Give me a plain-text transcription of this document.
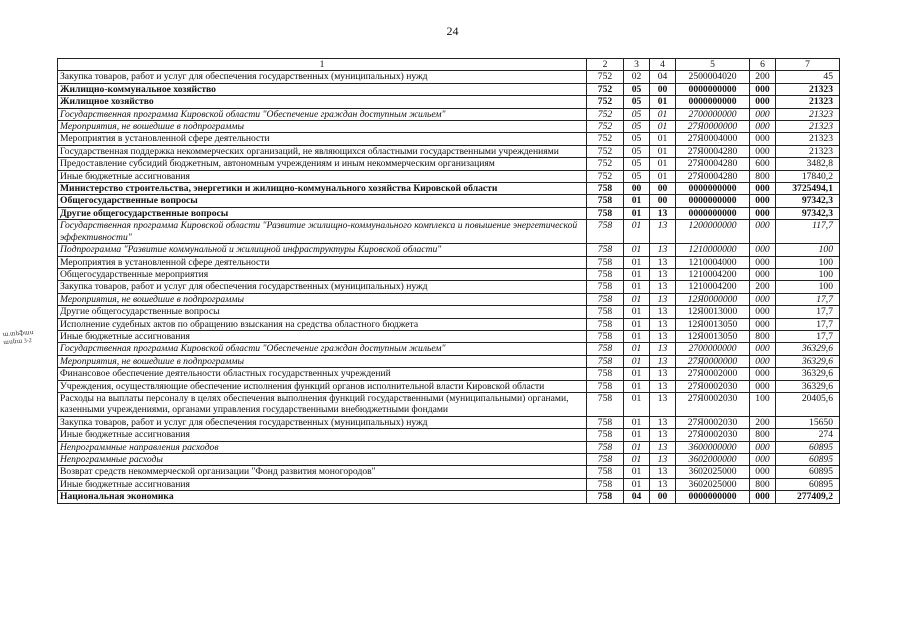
24
ա.տեֆաս
ասնա 3-2
1	2	3	4	5	6	7
Закупка товаров, работ и услуг для обеспечения государственных (муниципальных) нужд	752	02	04	2500004020	200	45
Жилищно-коммунальное хозяйство	752	05	00	0000000000	000	21323
Жилищное хозяйство	752	05	01	0000000000	000	21323
Государственная программа Кировской области "Обеспечение граждан доступным жильем"	752	05	01	2700000000	000	21323
Мероприятия, не вошедшие в подпрограммы	752	05	01	27Я0000000	000	21323
Мероприятия в установленной сфере деятельности	752	05	01	27Я0004000	000	21323
Государственная поддержка некоммерческих организаций, не являющихся областными государственными учреждениями	752	05	01	27Я0004280	000	21323
Предоставление субсидий бюджетным, автономным учреждениям и иным некоммерческим организациям	752	05	01	27Я0004280	600	3482,8
Иные бюджетные ассигнования	752	05	01	27Я0004280	800	17840,2
Министерство строительства, энергетики и жилищно-коммунального хозяйства Кировской области	758	00	00	0000000000	000	3725494,1
Общегосударственные вопросы	758	01	00	0000000000	000	97342,3
Другие общегосударственные вопросы	758	01	13	0000000000	000	97342,3
Государственная программа Кировской области "Развитие жилищно-коммунального комплекса и повышение энергетической эффективности"	758	01	13	1200000000	000	117,7
Подпрограмма "Развитие коммунальной и жилищной инфраструктуры Кировской области"	758	01	13	1210000000	000	100
Мероприятия в установленной сфере деятельности	758	01	13	1210004000	000	100
Общегосударственные мероприятия	758	01	13	1210004200	000	100
Закупка товаров, работ и услуг для обеспечения государственных (муниципальных) нужд	758	01	13	1210004200	200	100
Мероприятия, не вошедшие в подпрограммы	758	01	13	12Я0000000	000	17,7
Другие общегосударственные вопросы	758	01	13	12Я0013000	000	17,7
Исполнение судебных актов по обращению взыскания на средства областного бюджета	758	01	13	12Я0013050	000	17,7
Иные бюджетные ассигнования	758	01	13	12Я0013050	800	17,7
Государственная программа Кировской области "Обеспечение граждан доступным жильем"	758	01	13	2700000000	000	36329,6
Мероприятия, не вошедшие в подпрограммы	758	01	13	27Я0000000	000	36329,6
Финансовое обеспечение деятельности областных государственных учреждений	758	01	13	27Я0002000	000	36329,6
Учреждения, осуществляющие обеспечение исполнения функций органов исполнительной власти Кировской области	758	01	13	27Я0002030	000	36329,6
Расходы на выплаты персоналу в целях обеспечения выполнения функций государственными (муниципальными) органами, казенными учреждениями, органами управления государственными внебюджетными фондами	758	01	13	27Я0002030	100	20405,6
Закупка товаров, работ и услуг для обеспечения государственных (муниципальных) нужд	758	01	13	27Я0002030	200	15650
Иные бюджетные ассигнования	758	01	13	27Я0002030	800	274
Непрограммные направления расходов	758	01	13	3600000000	000	60895
Непрограммные расходы	758	01	13	3602000000	000	60895
Возврат средств некоммерческой организации "Фонд развития моногородов"	758	01	13	3602025000	000	60895
Иные бюджетные ассигнования	758	01	13	3602025000	800	60895
Национальная экономика	758	04	00	0000000000	000	277409,2
